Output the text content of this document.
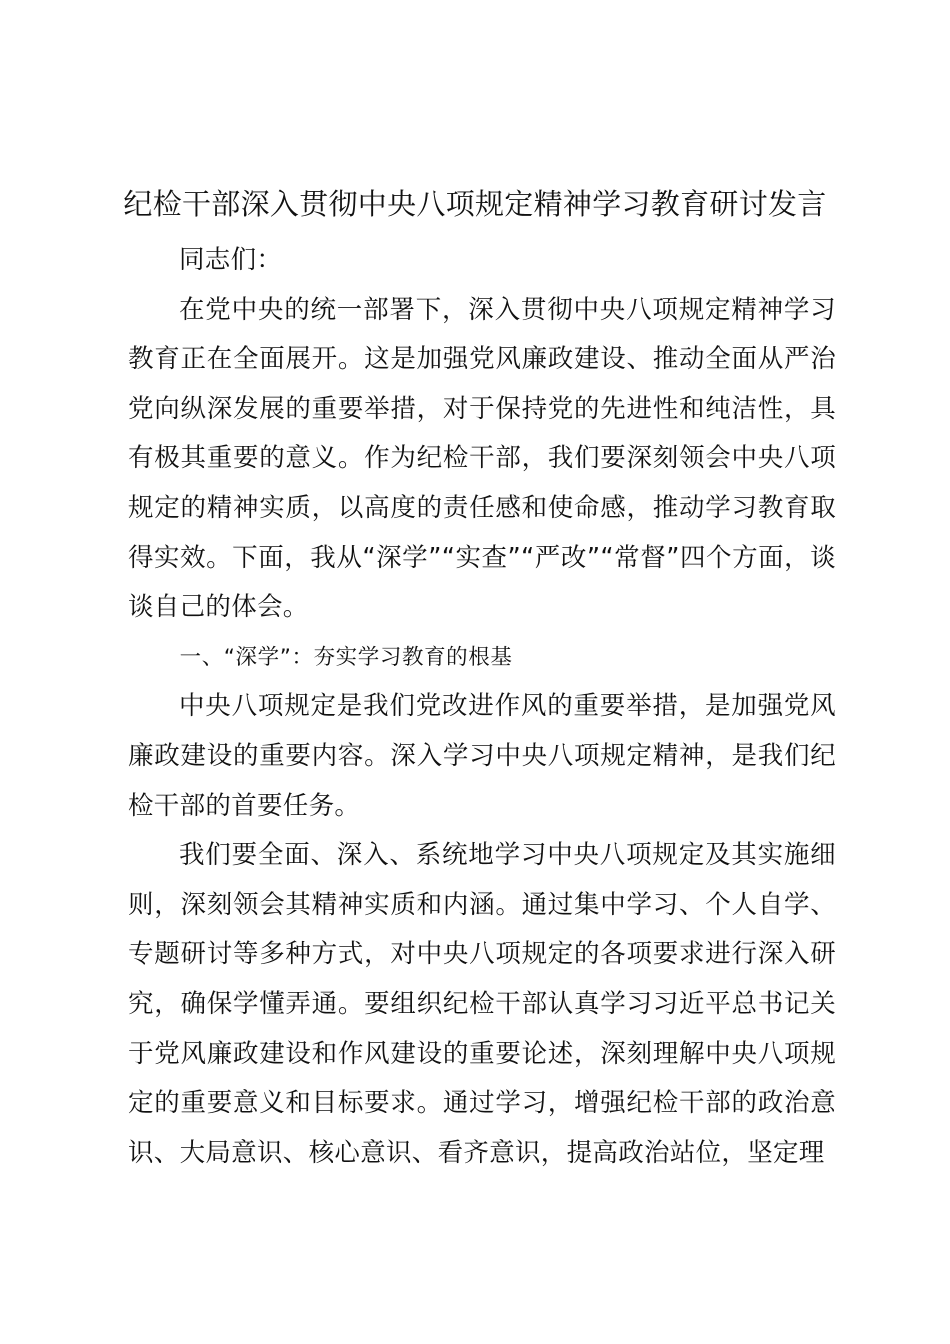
纪检干部深入贯彻中央八项规定精神学习教育研讨发言

同志们：

在党中央的统一部署下，深入贯彻中央八项规定精神学习教育正在全面展开。这是加强党风廉政建设、推动全面从严治党向纵深发展的重要举措，对于保持党的先进性和纯洁性，具有极其重要的意义。作为纪检干部，我们要深刻领会中央八项规定的精神实质，以高度的责任感和使命感，推动学习教育取得实效。下面，我从“深学”“实查”“严改”“常督”四个方面，谈谈自己的体会。

一、“深学”：夯实学习教育的根基

中央八项规定是我们党改进作风的重要举措，是加强党风廉政建设的重要内容。深入学习中央八项规定精神，是我们纪检干部的首要任务。

我们要全面、深入、系统地学习中央八项规定及其实施细则，深刻领会其精神实质和内涵。通过集中学习、个人自学、专题研讨等多种方式，对中央八项规定的各项要求进行深入研究，确保学懂弄通。要组织纪检干部认真学习习近平总书记关于党风廉政建设和作风建设的重要论述，深刻理解中央八项规定的重要意义和目标要求。通过学习，增强纪检干部的政治意识、大局意识、核心意识、看齐意识，提高政治站位，坚定理
